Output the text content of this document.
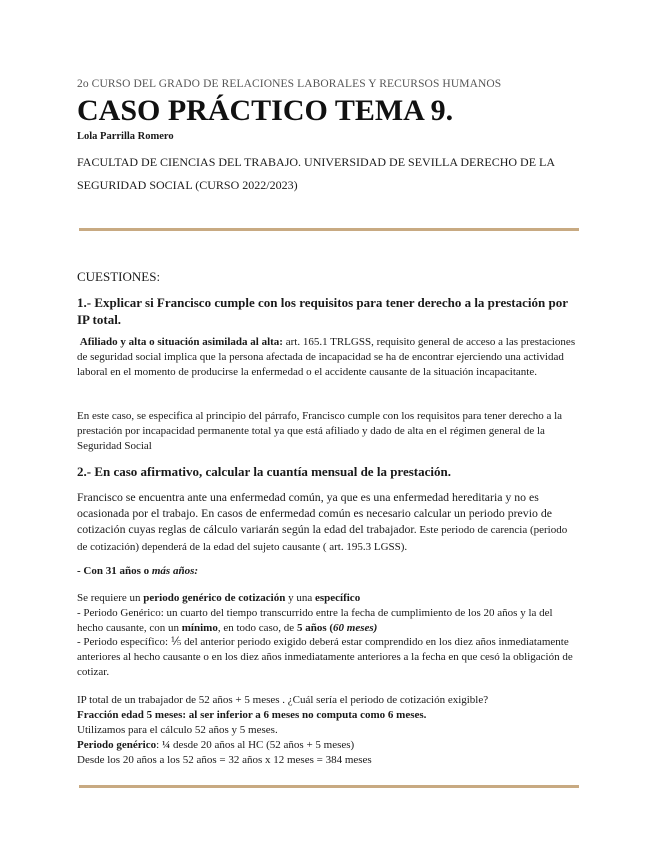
2o CURSO DEL GRADO DE RELACIONES LABORALES Y RECURSOS HUMANOS
CASO PRÁCTICO TEMA 9.
Lola Parrilla Romero
FACULTAD DE CIENCIAS DEL TRABAJO. UNIVERSIDAD DE SEVILLA DERECHO DE LA SEGURIDAD SOCIAL (CURSO 2022/2023)
CUESTIONES:
1.- Explicar si Francisco cumple con los requisitos para tener derecho a la prestación por IP total.
Afiliado y alta o situación asimilada al alta: art. 165.1 TRLGSS, requisito general de acceso a las prestaciones de seguridad social implica que la persona afectada de incapacidad se ha de encontrar ejerciendo una actividad laboral en el momento de producirse la enfermedad o el accidente causante de la situación incapacitante.
En este caso, se especifica al principio del párrafo, Francisco cumple con los requisitos para tener derecho a la prestación por incapacidad permanente total ya que está afiliado y dado de alta en el régimen general de la Seguridad Social
2.- En caso afirmativo, calcular la cuantía mensual de la prestación.
Francisco se encuentra ante una enfermedad común, ya que es una enfermedad hereditaria y no es ocasionada por el trabajo. En casos de enfermedad común es necesario calcular un periodo previo de cotización cuyas reglas de cálculo variarán según la edad del trabajador. Este periodo de carencia (periodo de cotización) dependerá de la edad del sujeto causante ( art. 195.3 LGSS).
- Con 31 años o más años:
Se requiere un periodo genérico de cotización y una específico
- Periodo Genérico: un cuarto del tiempo transcurrido entre la fecha de cumplimiento de los 20 años y la del hecho causante, con un mínimo, en todo caso, de 5 años (60 meses)
- Periodo específico: ⅕ del anterior periodo exigido deberá estar comprendido en los diez años inmediatamente anteriores al hecho causante o en los diez años inmediatamente anteriores a la fecha en que cesó la obligación de cotizar.
IP total de un trabajador de 52 años + 5 meses . ¿Cuál sería el periodo de cotización exigible?
Fracción edad 5 meses: al ser inferior a 6 meses no computa como 6 meses.
Utilizamos para el cálculo 52 años y 5 meses.
Periodo genérico: ¼ desde 20 años al HC (52 años + 5 meses)
Desde los 20 años a los 52 años = 32 años x 12 meses = 384 meses
